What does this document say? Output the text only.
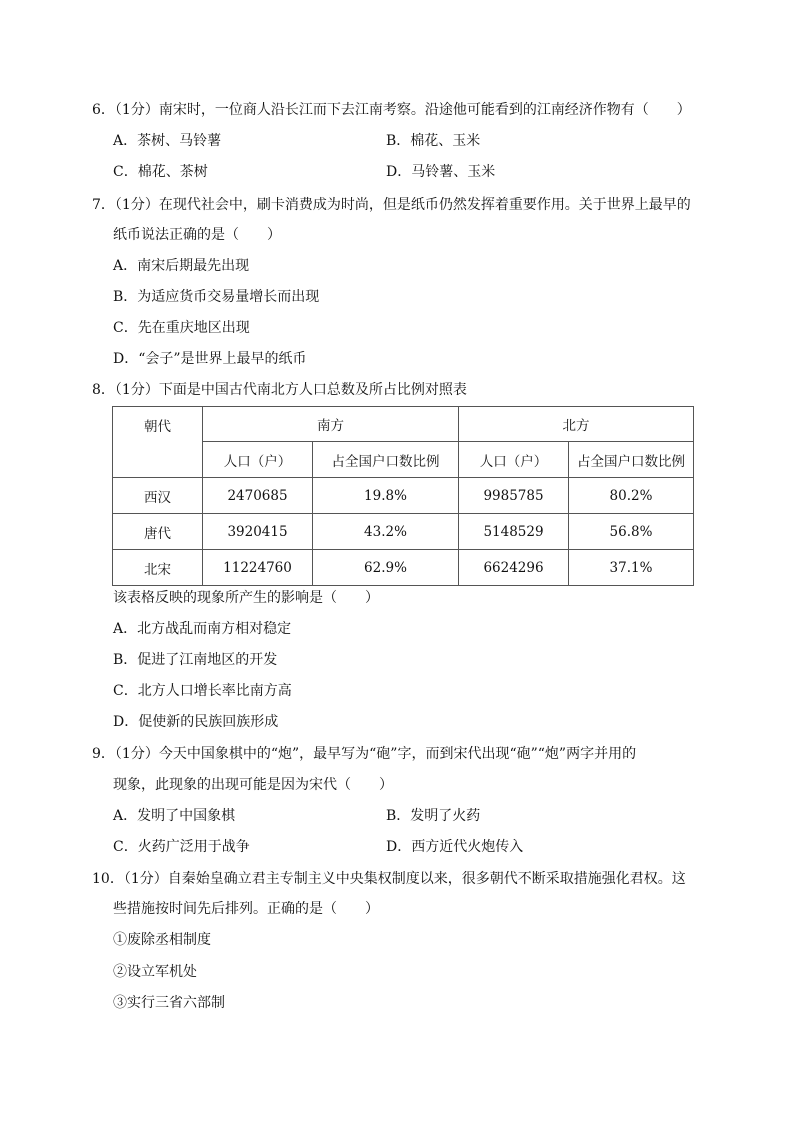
6．（1分）南宋时，一位商人沿长江而下去江南考察。沿途他可能看到的江南经济作物有（　　）
A．茶树、马铃薯	B．棉花、玉米
C．棉花、茶树	D．马铃薯、玉米
7．（1分）在现代社会中，刷卡消费成为时尚，但是纸币仍然发挥着重要作用。关于世界上最早的
纸币说法正确的是（　　）
A．南宋后期最先出现
B．为适应货币交易量增长而出现
C．先在重庆地区出现
D．“会子”是世界上最早的纸币
8．（1分）下面是中国古代南北方人口总数及所占比例对照表
朝代	南方		北方	
	人口（户）	占全国户口数比例	人口（户）	占全国户口数比例
西汉	2470685	19.8%	9985785	80.2%
唐代	3920415	43.2%	5148529	56.8%
北宋	11224760	62.9%	6624296	37.1%
该表格反映的现象所产生的影响是（　　）
A．北方战乱而南方相对稳定
B．促进了江南地区的开发
C．北方人口增长率比南方高
D．促使新的民族回族形成
9．（1分）今天中国象棋中的“炮”，最早写为“砲”字，而到宋代出现“砲”“炮”两字并用的
现象，此现象的出现可能是因为宋代（　　）
A．发明了中国象棋	B．发明了火药
C．火药广泛用于战争	D．西方近代火炮传入
10．（1分）自秦始皇确立君主专制主义中央集权制度以来，很多朝代不断采取措施强化君权。这
些措施按时间先后排列。正确的是（　　）
①废除丞相制度
②设立军机处
③实行三省六部制
